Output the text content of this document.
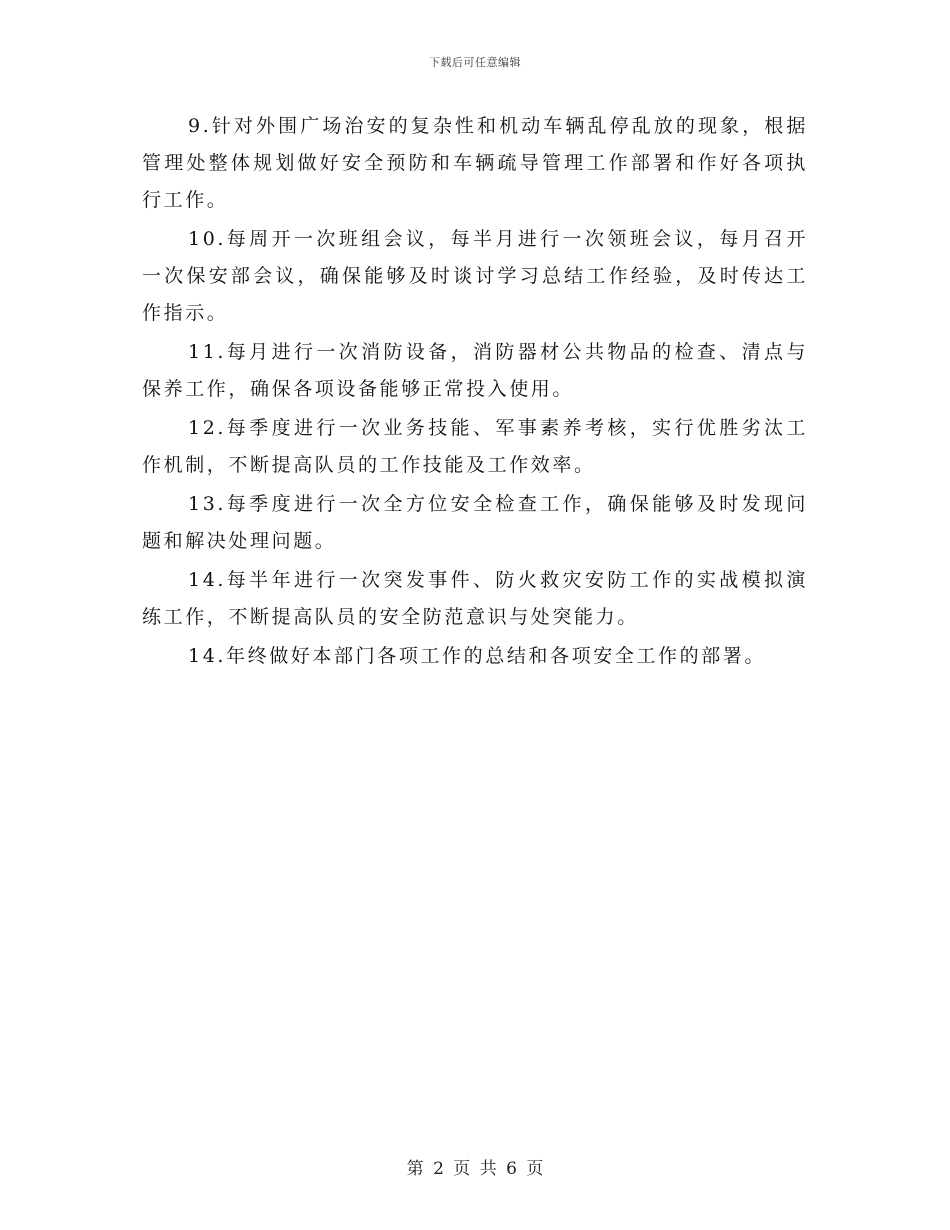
下载后可任意编辑

9.针对外围广场治安的复杂性和机动车辆乱停乱放的现象，根据管理处整体规划做好安全预防和车辆疏导管理工作部署和作好各项执行工作。

10.每周开一次班组会议，每半月进行一次领班会议，每月召开一次保安部会议，确保能够及时谈讨学习总结工作经验，及时传达工作指示。

11.每月进行一次消防设备，消防器材公共物品的检查、清点与保养工作，确保各项设备能够正常投入使用。

12.每季度进行一次业务技能、军事素养考核，实行优胜劣汰工作机制，不断提高队员的工作技能及工作效率。

13.每季度进行一次全方位安全检查工作，确保能够及时发现问题和解决处理问题。

14.每半年进行一次突发事件、防火救灾安防工作的实战模拟演练工作，不断提高队员的安全防范意识与处突能力。

14.年终做好本部门各项工作的总结和各项安全工作的部署。

第 2 页 共 6 页
